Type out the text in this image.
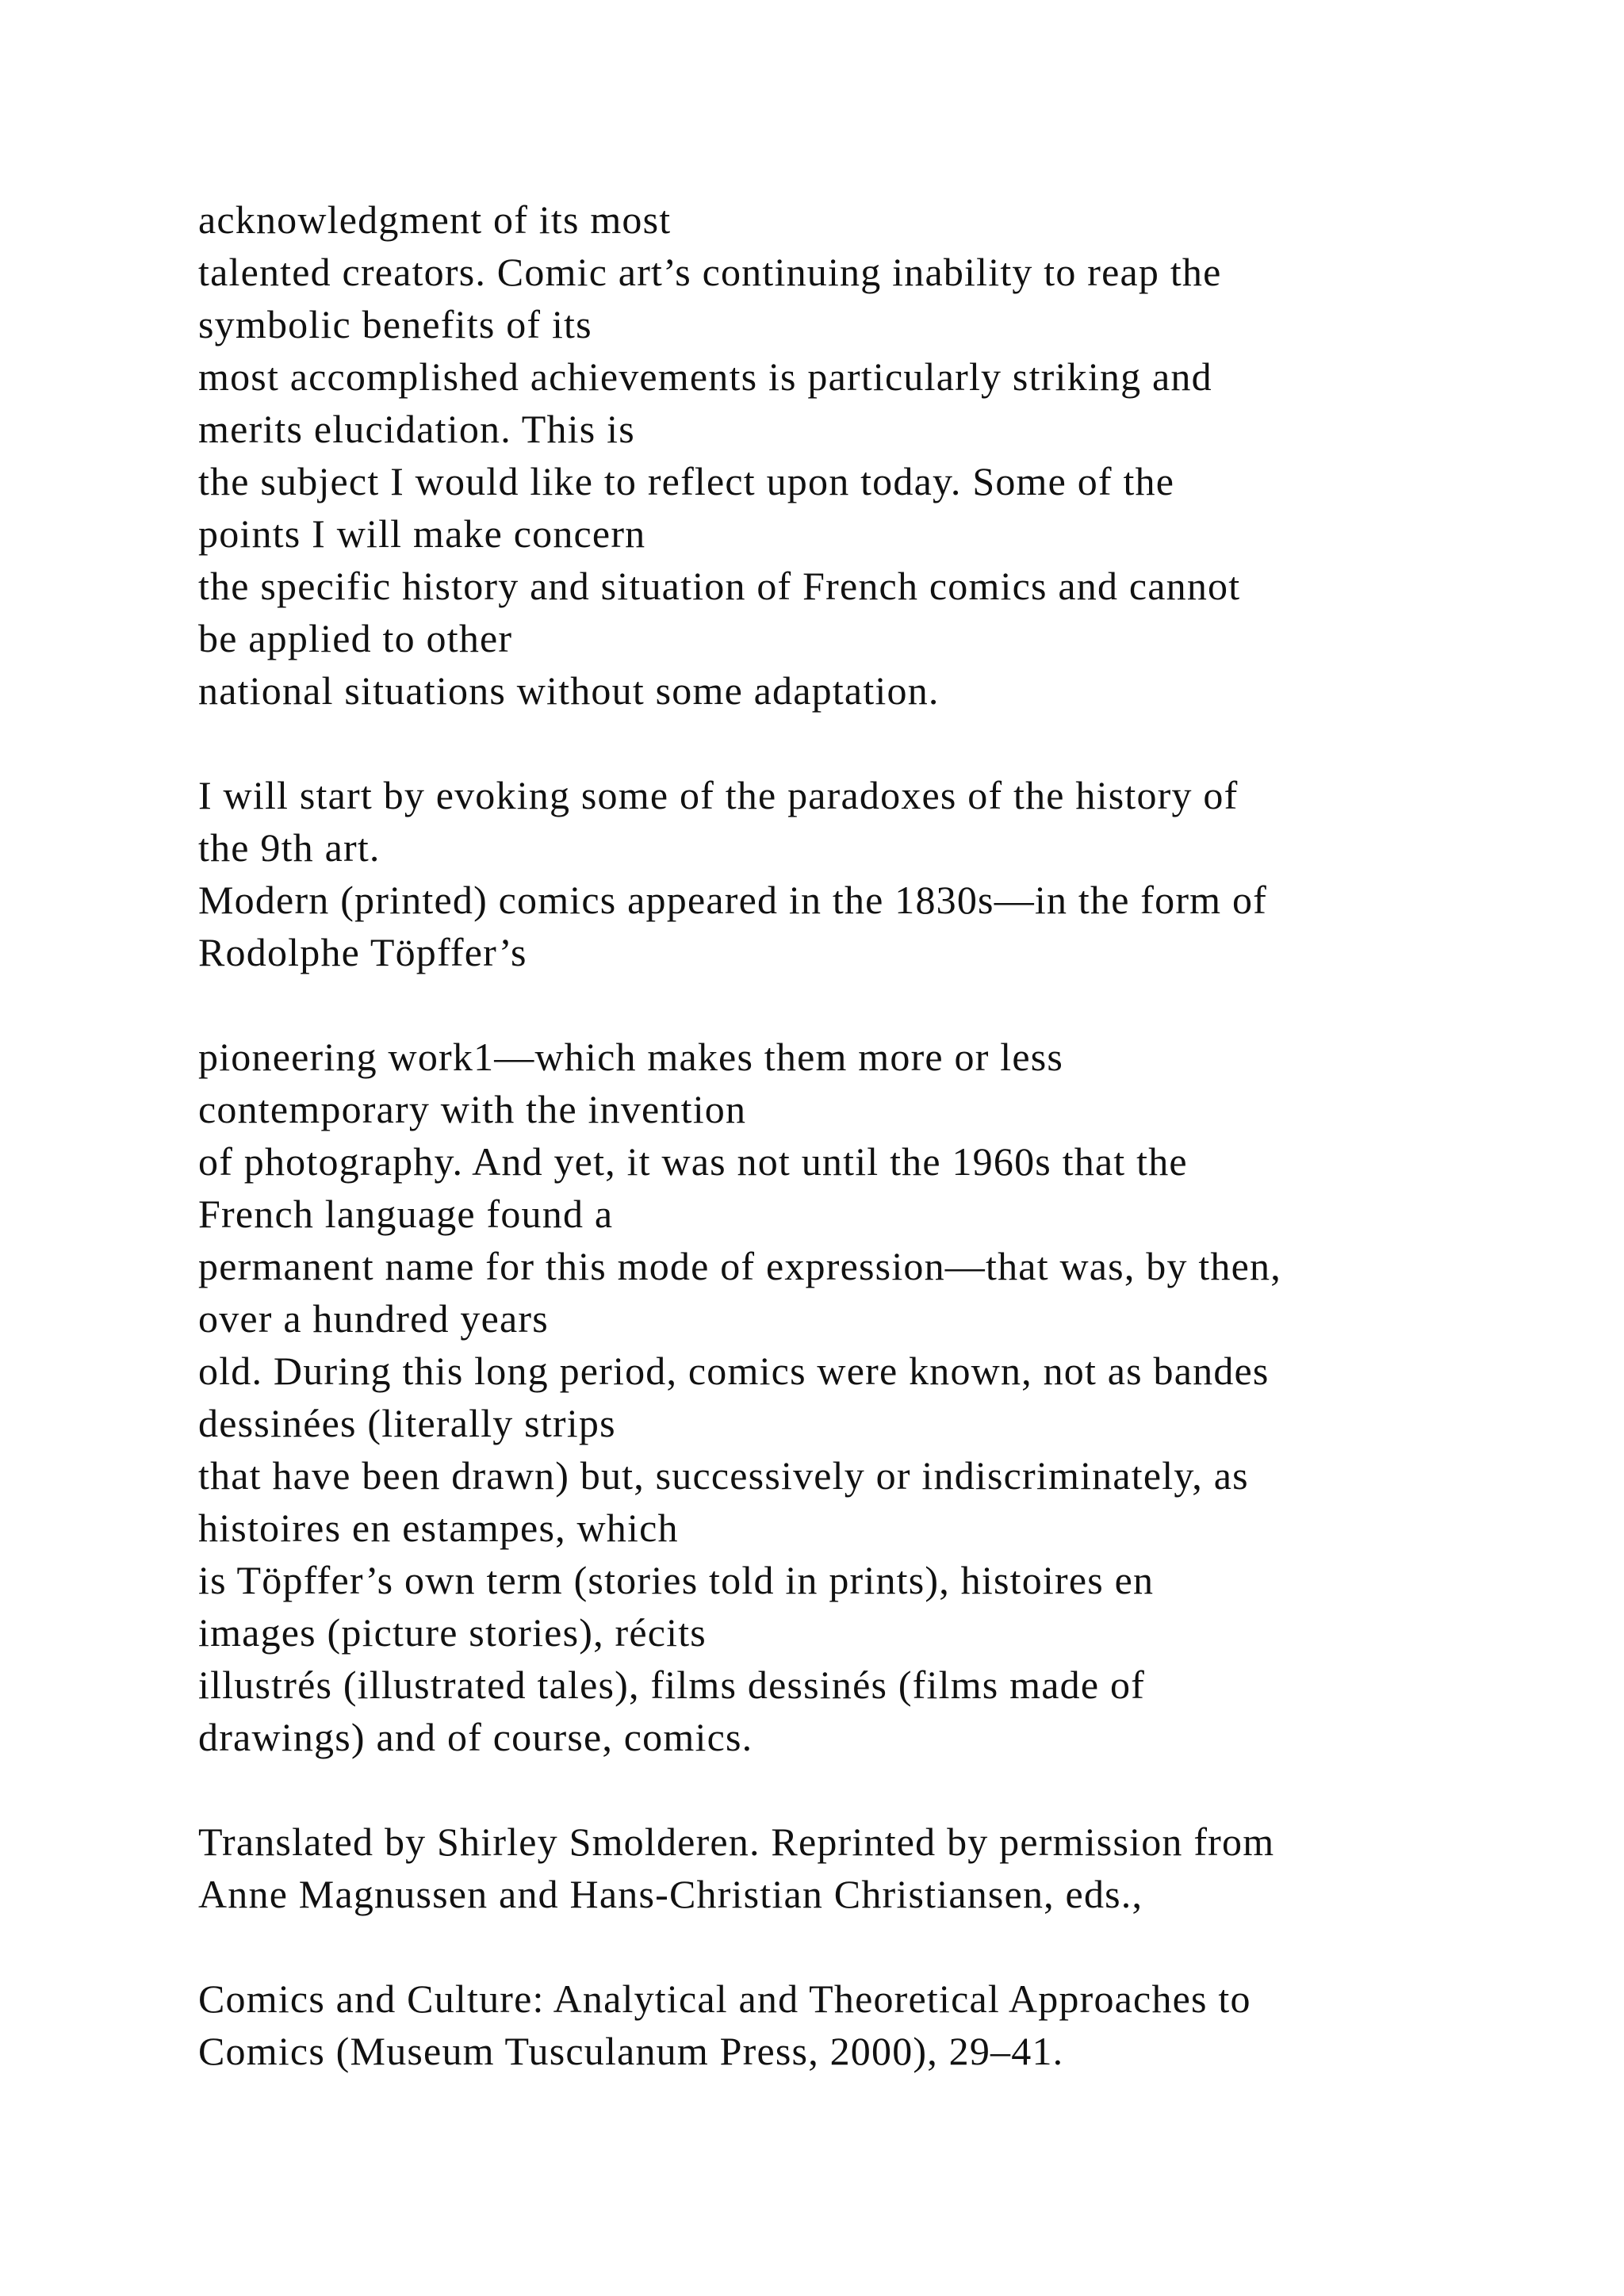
acknowledgment of its most
talented creators. Comic art’s continuing inability to reap the
symbolic benefits of its
most accomplished achievements is particularly striking and
merits elucidation. This is
the subject I would like to reflect upon today. Some of the
points I will make concern
the specific history and situation of French comics and cannot
be applied to other
national situations without some adaptation.
I will start by evoking some of the paradoxes of the history of
the 9th art.
Modern (printed) comics appeared in the 1830s—in the form of
Rodolphe Töpffer’s
pioneering work1—which makes them more or less
contemporary with the invention
of photography. And yet, it was not until the 1960s that the
French language found a
permanent name for this mode of expression—that was, by then,
over a hundred years
old. During this long period, comics were known, not as bandes
dessinées (literally strips
that have been drawn) but, successively or indiscriminately, as
histoires en estampes, which
is Töpffer’s own term (stories told in prints), histoires en
images (picture stories), récits
illustrés (illustrated tales), films dessinés (films made of
drawings) and of course, comics.
Translated by Shirley Smolderen. Reprinted by permission from
Anne Magnussen and Hans-Christian Christiansen, eds.,
Comics and Culture: Analytical and Theoretical Approaches to
Comics (Museum Tusculanum Press, 2000), 29–41.
